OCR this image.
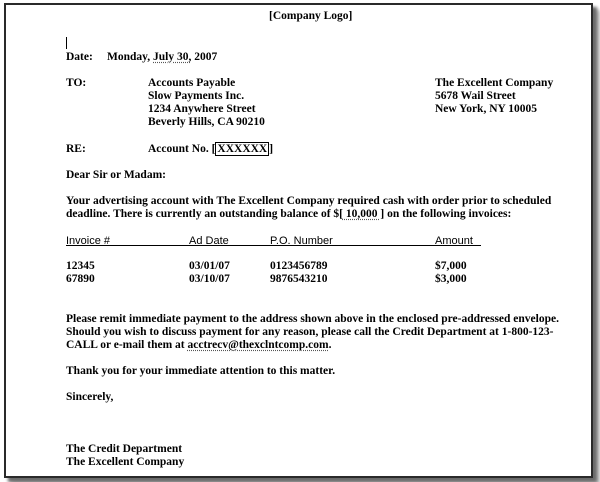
[Company Logo]
Date: Monday, July 30, 2007
TO:	Accounts Payable
Slow Payments Inc.
1234 Anywhere Street
Beverly Hills, CA 90210
The Excellent Company
5678 Wail Street
New York, NY 10005
RE:	Account No. [ XXXXXX ]
Dear Sir or Madam:
Your advertising account with The Excellent Company required cash with order prior to scheduled
deadline. There is currently an outstanding balance of $[ 10,000 ] on the following invoices:
Invoice #	Ad Date	P.O. Number	Amount
12345	03/01/07	0123456789	$7,000
67890	03/10/07	9876543210	$3,000
Please remit immediate payment to the address shown above in the enclosed pre-addressed envelope.
Should you wish to discuss payment for any reason, please call the Credit Department at 1-800-123-
CALL or e-mail them at acctrecv@thexclntcomp.com.
Thank you for your immediate attention to this matter.
Sincerely,
The Credit Department
The Excellent Company
